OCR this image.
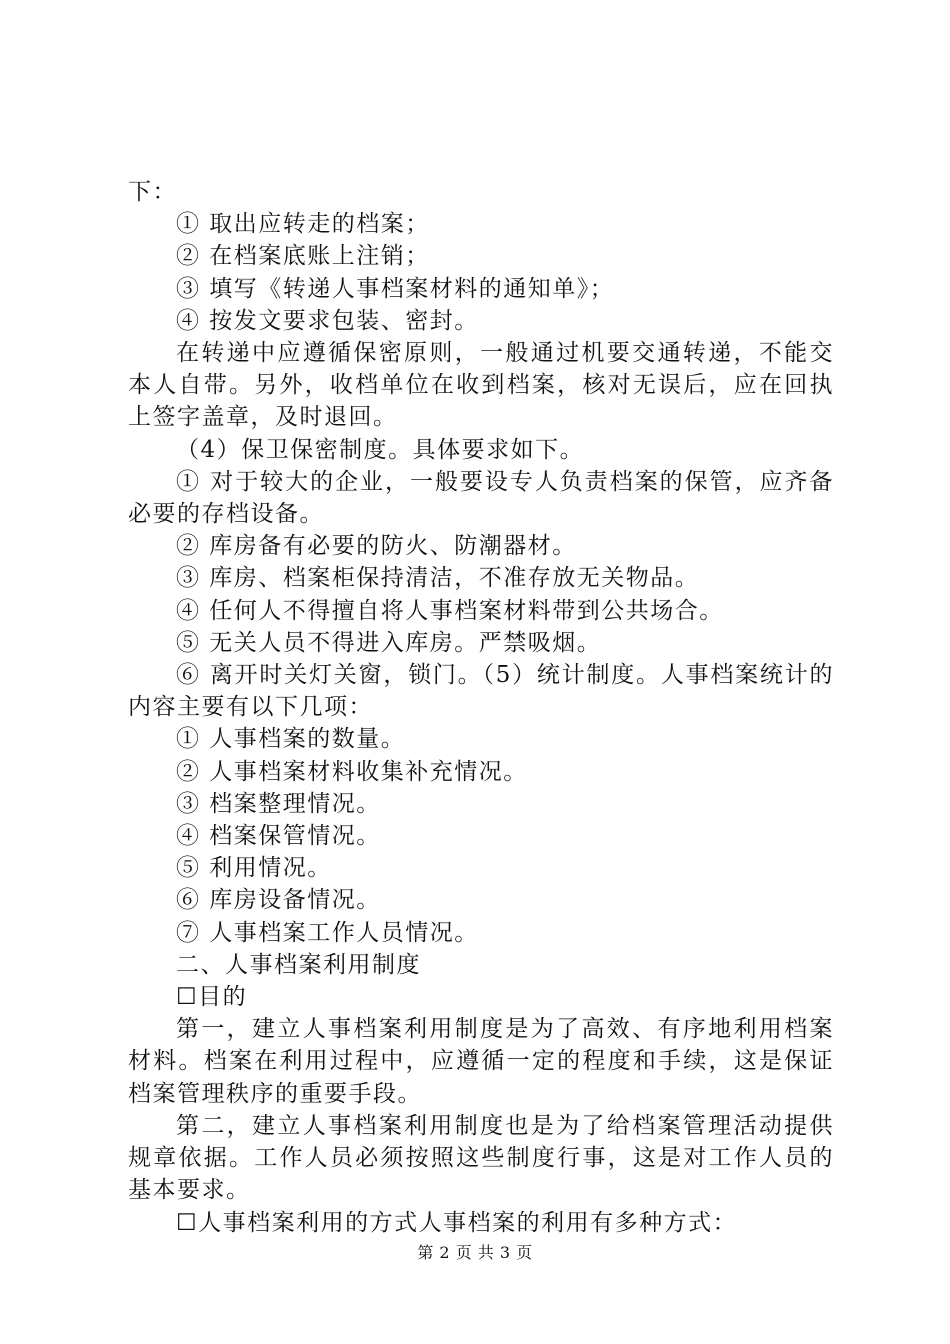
下：

① 取出应转走的档案；

② 在档案底账上注销；

③ 填写《转递人事档案材料的通知单》；

④ 按发文要求包装、密封。

在转递中应遵循保密原则，一般通过机要交通转递，不能交本人自带。另外，收档单位在收到档案，核对无误后，应在回执上签字盖章，及时退回。

（4）保卫保密制度。具体要求如下。

① 对于较大的企业，一般要设专人负责档案的保管，应齐备必要的存档设备。

② 库房备有必要的防火、防潮器材。

③ 库房、档案柜保持清洁，不准存放无关物品。

④ 任何人不得擅自将人事档案材料带到公共场合。

⑤ 无关人员不得进入库房。严禁吸烟。

⑥ 离开时关灯关窗，锁门。（5）统计制度。人事档案统计的内容主要有以下几项：

① 人事档案的数量。

② 人事档案材料收集补充情况。

③ 档案整理情况。

④ 档案保管情况。

⑤ 利用情况。

⑥ 库房设备情况。

⑦ 人事档案工作人员情况。

二、人事档案利用制度

☐目的

第一，建立人事档案利用制度是为了高效、有序地利用档案材料。档案在利用过程中，应遵循一定的程度和手续，这是保证档案管理秩序的重要手段。

第二，建立人事档案利用制度也是为了给档案管理活动提供规章依据。工作人员必须按照这些制度行事，这是对工作人员的基本要求。

☐人事档案利用的方式人事档案的利用有多种方式：

第 2 页 共 3 页
